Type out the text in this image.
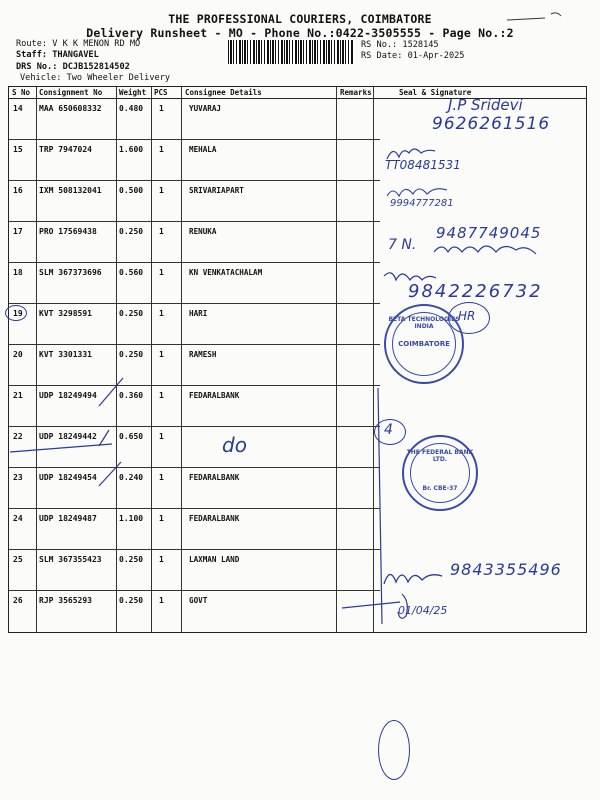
THE PROFESSIONAL COURIERS, COIMBATORE
Delivery Runsheet - MO - Phone No.:0422-3505555 - Page No.:2
Route: V K K MENON RD MO
Staff: THANGAVEL
DRS No.: DCJB152814502
Vehicle: Two Wheeler Delivery
RS No.: 1528145
RS Date: 01-Apr-2025
S No Consignment No Weight PCS Consignee Details	Remarks	Seal & Signature
14 MAA 650608332 0.480 1	YUVARAJ
15 TRP 7947024	1.600 1	MEHALA
16 IXM 508132041 0.500 1	SRIVARIAPART
17 PRO 17569438	0.250 1	RENUKA
18 SLM 367373696 0.560 1	KN VENKATACHALAM
19 KVT 3298591	0.250 1	HARI
20 KVT 3301331	0.250 1	RAMESH
21 UDP 18249494	0.360 1	FEDARALBANK
22 UDP 18249442	0.650 1
23 UDP 18249454	0.240 1	FEDARALBANK
24 UDP 18249487	1.100 1	FEDARALBANK
25 SLM 367355423 0.250 1	LAXMAN LAND
26 RJP 3565293	0.250 1	GOVT
J.P Sridevi
9626261516
TT08481531
9994777281
9487749045
7 N.
9842226732
HR
do
4
9843355496
01/04/25
BETA TECHNOLOGIES INDIA
COIMBATORE
THE FEDERAL BANK LTD.
Br. CBE-37
